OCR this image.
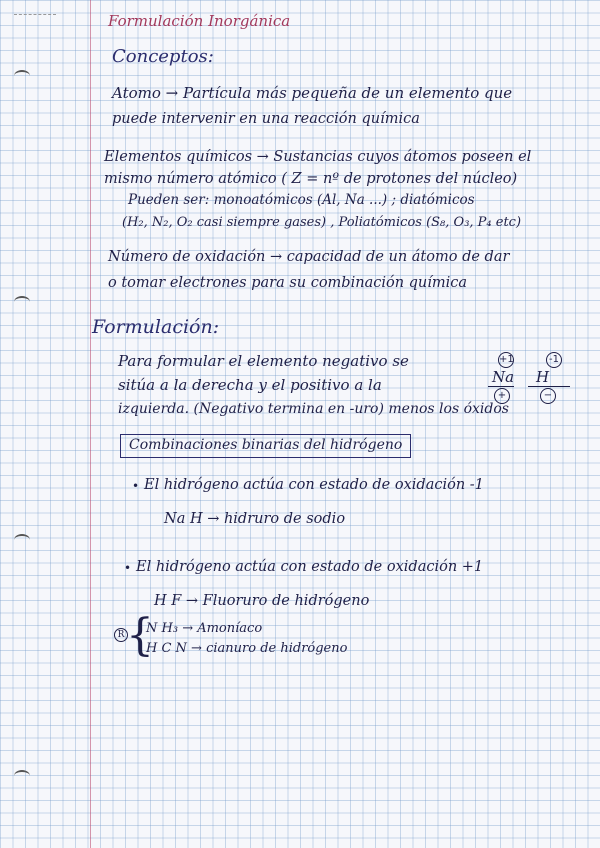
Formulación Inorgánica
Conceptos:
Atomo → Partícula más pequeña de un elemento que
puede intervenir en una reacción química
Elementos químicos → Sustancias cuyos átomos poseen el
mismo número atómico ( Z = nº de protones del núcleo)
Pueden ser: monoatómicos (Al, Na ...) ; diatómicos
(H₂, N₂, O₂ casi siempre gases) , Poliatómicos (S₈, O₃, P₄ etc)
Número de oxidación → capacidad de un átomo de dar
o tomar electrones para su combinación química
Formulación:
Para formular el elemento negativo se
sitúa a la derecha y el positivo a la
izquierda. (Negativo termina en -uro) menos los óxidos
+1
Na
+
-1
H
−
Combinaciones binarias del hidrógeno
• El hidrógeno actúa con estado de oxidación -1
Na H → hidruro de sodio
• El hidrógeno actúa con estado de oxidación +1
H F → Fluoruro de hidrógeno
R {
N H₃ → Amoníaco
H C N → cianuro de hidrógeno
